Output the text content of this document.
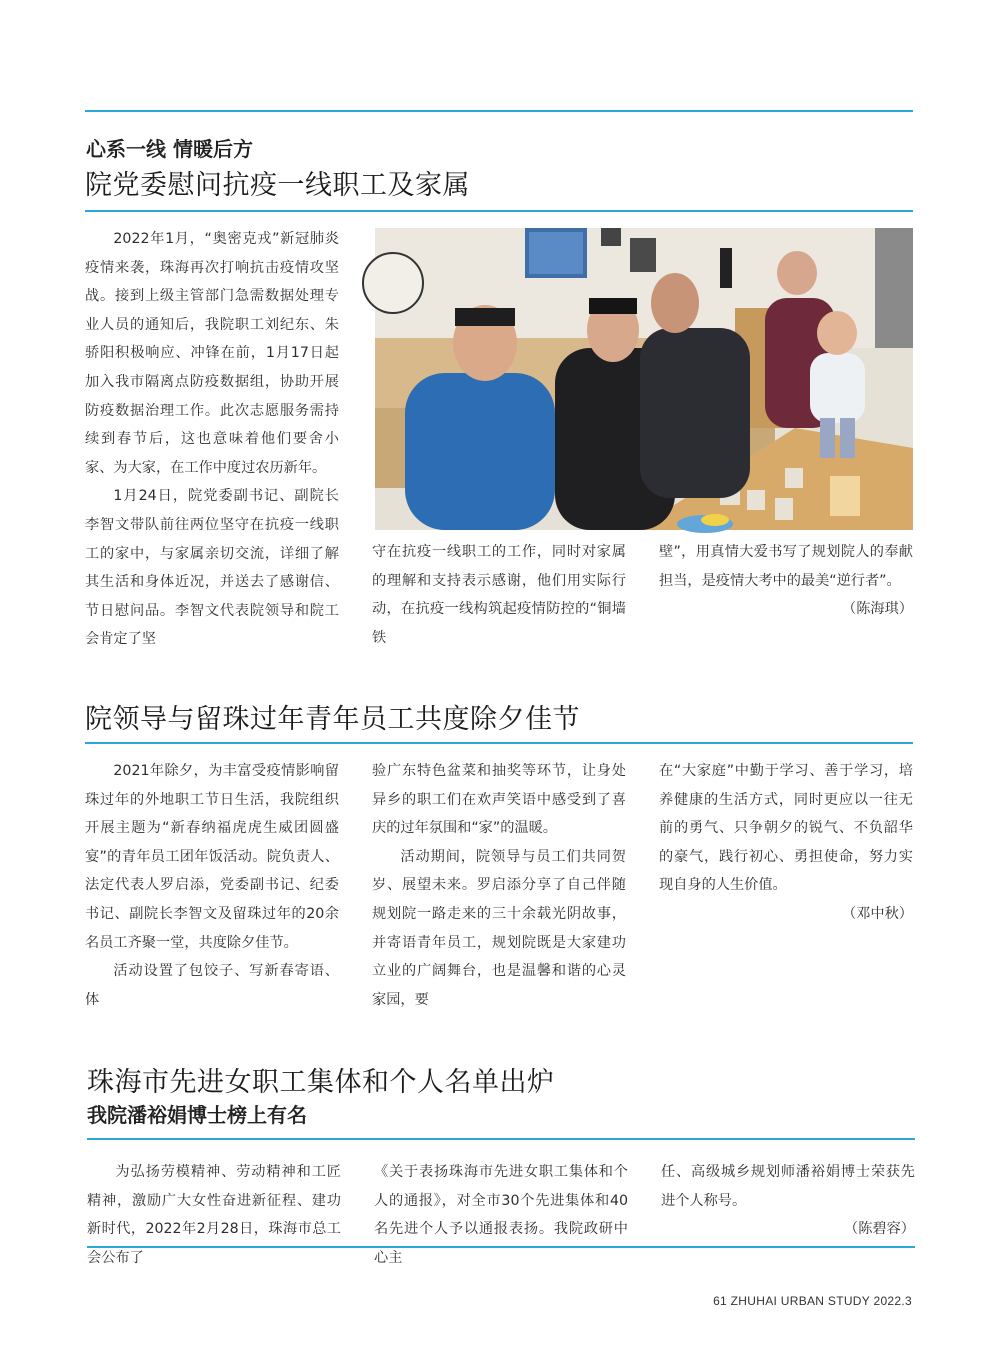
心系一线 情暖后方
院党委慰问抗疫一线职工及家属

2022年1月，“奥密克戎”新冠肺炎疫情来袭，珠海再次打响抗击疫情攻坚战。接到上级主管部门急需数据处理专业人员的通知后，我院职工刘纪东、朱骄阳积极响应、冲锋在前，1月17日起加入我市隔离点防疫数据组，协助开展防疫数据治理工作。此次志愿服务需持续到春节后，这也意味着他们要舍小家、为大家，在工作中度过农历新年。

1月24日，院党委副书记、副院长李智文带队前往两位坚守在抗疫一线职工的家中，与家属亲切交流，详细了解其生活和身体近况，并送去了感谢信、节日慰问品。李智文代表院领导和院工会肯定了坚

守在抗疫一线职工的工作，同时对家属的理解和支持表示感谢，他们用实际行动，在抗疫一线构筑起疫情防控的“铜墙铁

壁”，用真情大爱书写了规划院人的奉献担当，是疫情大考中的最美“逆行者”。

（陈海琪）

院领导与留珠过年青年员工共度除夕佳节

2021年除夕，为丰富受疫情影响留珠过年的外地职工节日生活，我院组织开展主题为“新春纳福虎虎生威团圆盛宴”的青年员工团年饭活动。院负责人、法定代表人罗启添，党委副书记、纪委书记、副院长李智文及留珠过年的20余名员工齐聚一堂，共度除夕佳节。

活动设置了包饺子、写新春寄语、体

验广东特色盆菜和抽奖等环节，让身处异乡的职工们在欢声笑语中感受到了喜庆的过年氛围和“家”的温暖。

活动期间，院领导与员工们共同贺岁、展望未来。罗启添分享了自己伴随规划院一路走来的三十余载光阴故事，并寄语青年员工，规划院既是大家建功立业的广阔舞台，也是温馨和谐的心灵家园，要

在“大家庭”中勤于学习、善于学习，培养健康的生活方式，同时更应以一往无前的勇气、只争朝夕的锐气、不负韶华的豪气，践行初心、勇担使命，努力实现自身的人生价值。

（邓中秋）

珠海市先进女职工集体和个人名单出炉
我院潘裕娟博士榜上有名

为弘扬劳模精神、劳动精神和工匠精神，激励广大女性奋进新征程、建功新时代，2022年2月28日，珠海市总工会公布了

《关于表扬珠海市先进女职工集体和个人的通报》，对全市30个先进集体和40名先进个人予以通报表扬。我院政研中心主

任、高级城乡规划师潘裕娟博士荣获先进个人称号。

（陈碧容）

61 ZHUHAI URBAN STUDY 2022.3
